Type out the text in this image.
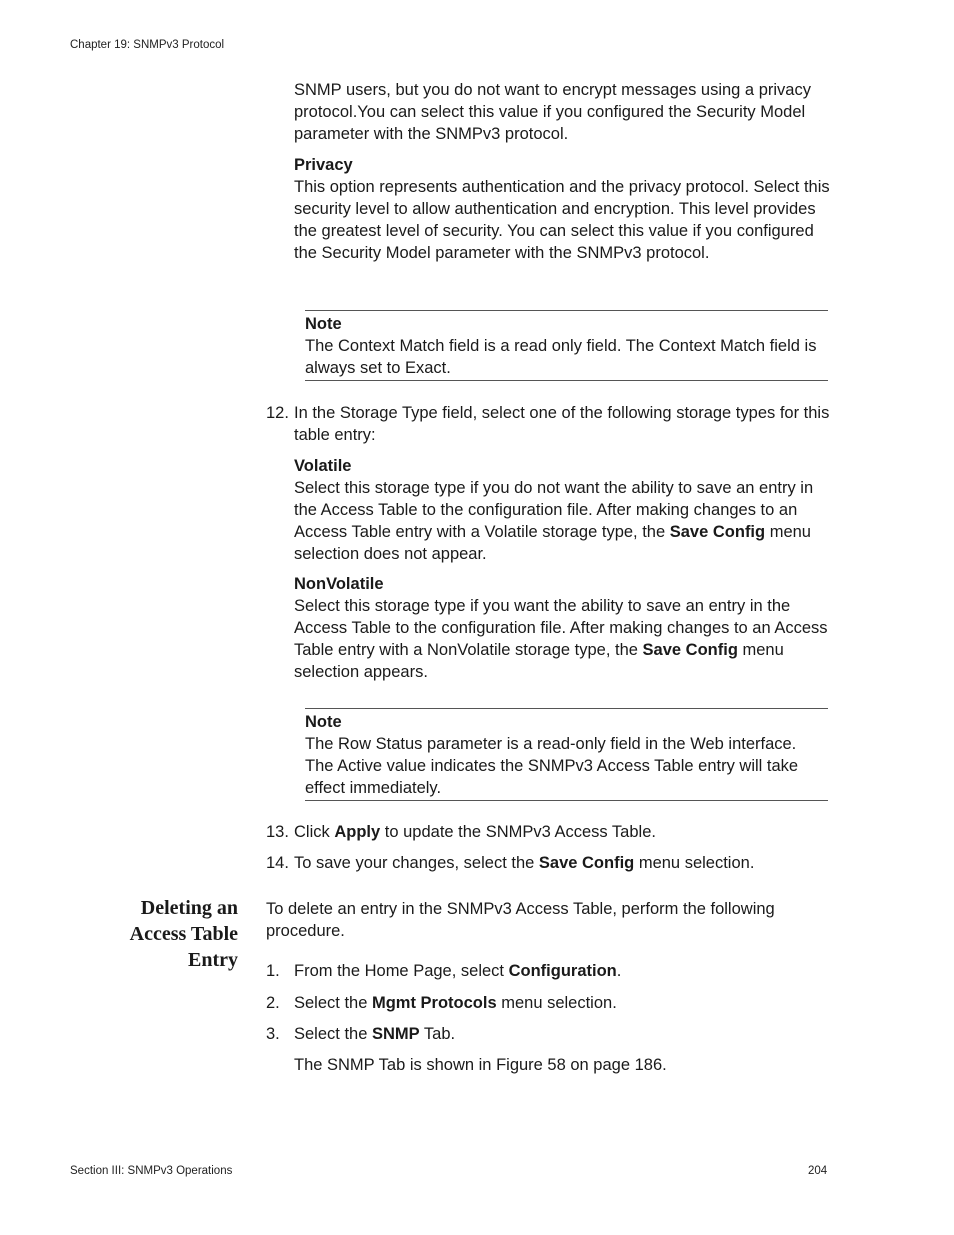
Chapter 19: SNMPv3 Protocol

SNMP users, but you do not want to encrypt messages using a privacy protocol.You can select this value if you configured the Security Model parameter with the SNMPv3 protocol.

Privacy

This option represents authentication and the privacy protocol. Select this security level to allow authentication and encryption. This level provides the greatest level of security. You can select this value if you configured the Security Model parameter with the SNMPv3 protocol.

Note
The Context Match field is a read only field. The Context Match field is always set to Exact.
12. In the Storage Type field, select one of the following storage types for this table entry:

Volatile

Select this storage type if you do not want the ability to save an entry in the Access Table to the configuration file. After making changes to an Access Table entry with a Volatile storage type, the Save Config menu selection does not appear.

NonVolatile

Select this storage type if you want the ability to save an entry in the Access Table to the configuration file. After making changes to an Access Table entry with a NonVolatile storage type, the Save Config menu selection appears.

Note
The Row Status parameter is a read-only field in the Web interface. The Active value indicates the SNMPv3 Access Table entry will take effect immediately.
13. Click Apply to update the SNMPv3 Access Table.
14. To save your changes, select the Save Config menu selection.
Deleting an
Access Table
Entry
To delete an entry in the SNMPv3 Access Table, perform the following procedure.
1. From the Home Page, select Configuration.
2. Select the Mgmt Protocols menu selection.
3. Select the SNMP Tab.
The SNMP Tab is shown in Figure 58 on page 186.
Section III: SNMPv3 Operations	204
